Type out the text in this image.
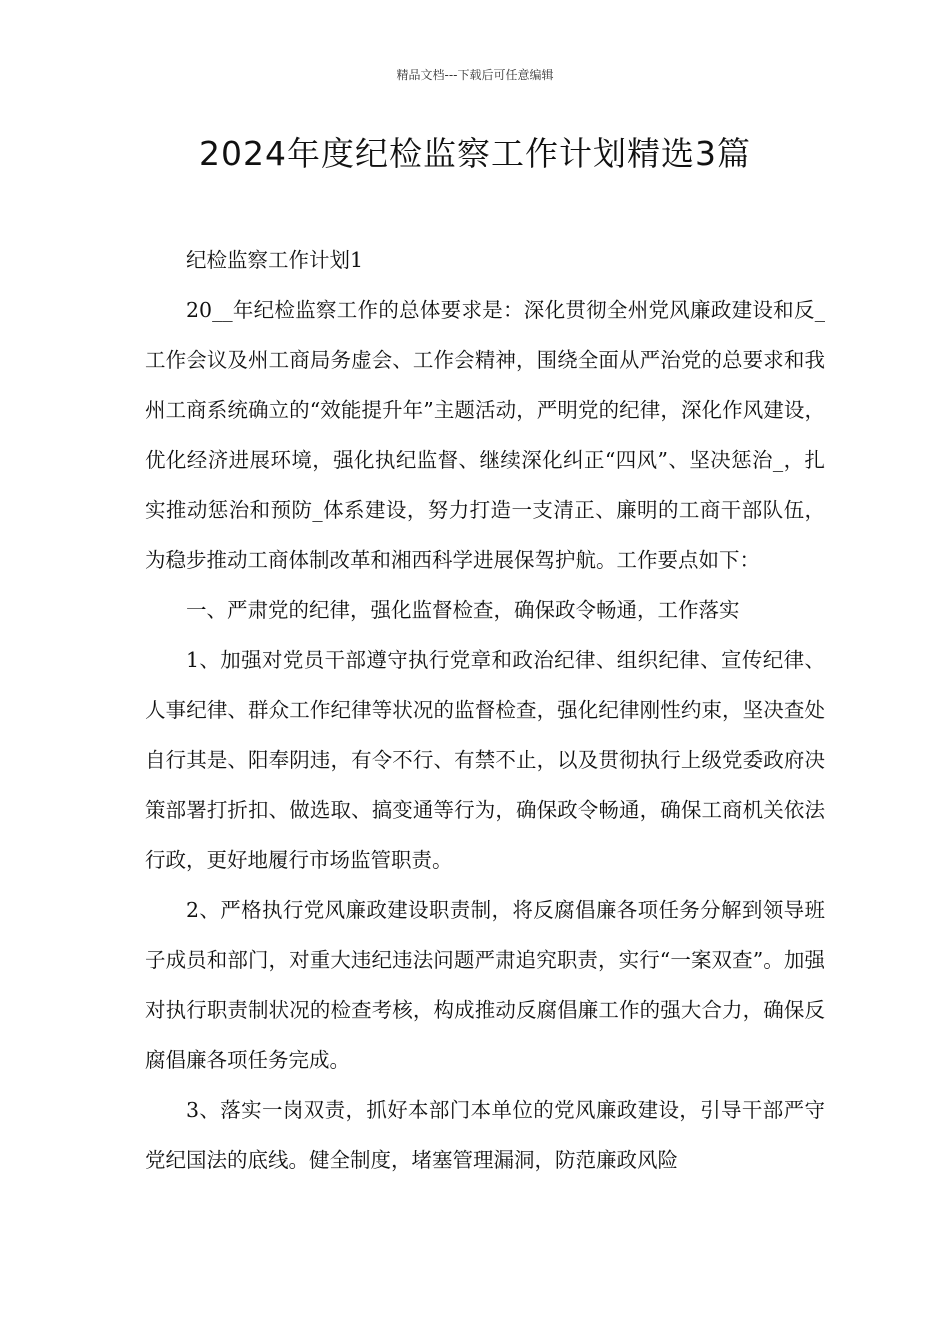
精品文档---下载后可任意编辑
2024年度纪检监察工作计划精选3篇

纪检监察工作计划1

20__年纪检监察工作的总体要求是：深化贯彻全州党风廉政建设和反_工作会议及州工商局务虚会、工作会精神，围绕全面从严治党的总要求和我州工商系统确立的“效能提升年”主题活动，严明党的纪律，深化作风建设，优化经济进展环境，强化执纪监督、继续深化纠正“四风”、坚决惩治_，扎实推动惩治和预防_体系建设，努力打造一支清正、廉明的工商干部队伍，为稳步推动工商体制改革和湘西科学进展保驾护航。工作要点如下：

一、严肃党的纪律，强化监督检查，确保政令畅通，工作落实

1、加强对党员干部遵守执行党章和政治纪律、组织纪律、宣传纪律、人事纪律、群众工作纪律等状况的监督检查，强化纪律刚性约束，坚决查处自行其是、阳奉阴违，有令不行、有禁不止，以及贯彻执行上级党委政府决策部署打折扣、做选取、搞变通等行为，确保政令畅通，确保工商机关依法行政，更好地履行市场监管职责。

2、严格执行党风廉政建设职责制，将反腐倡廉各项任务分解到领导班子成员和部门，对重大违纪违法问题严肃追究职责，实行“一案双查”。加强对执行职责制状况的检查考核，构成推动反腐倡廉工作的强大合力，确保反腐倡廉各项任务完成。

3、落实一岗双责，抓好本部门本单位的党风廉政建设，引导干部严守党纪国法的底线。健全制度，堵塞管理漏洞，防范廉政风险
